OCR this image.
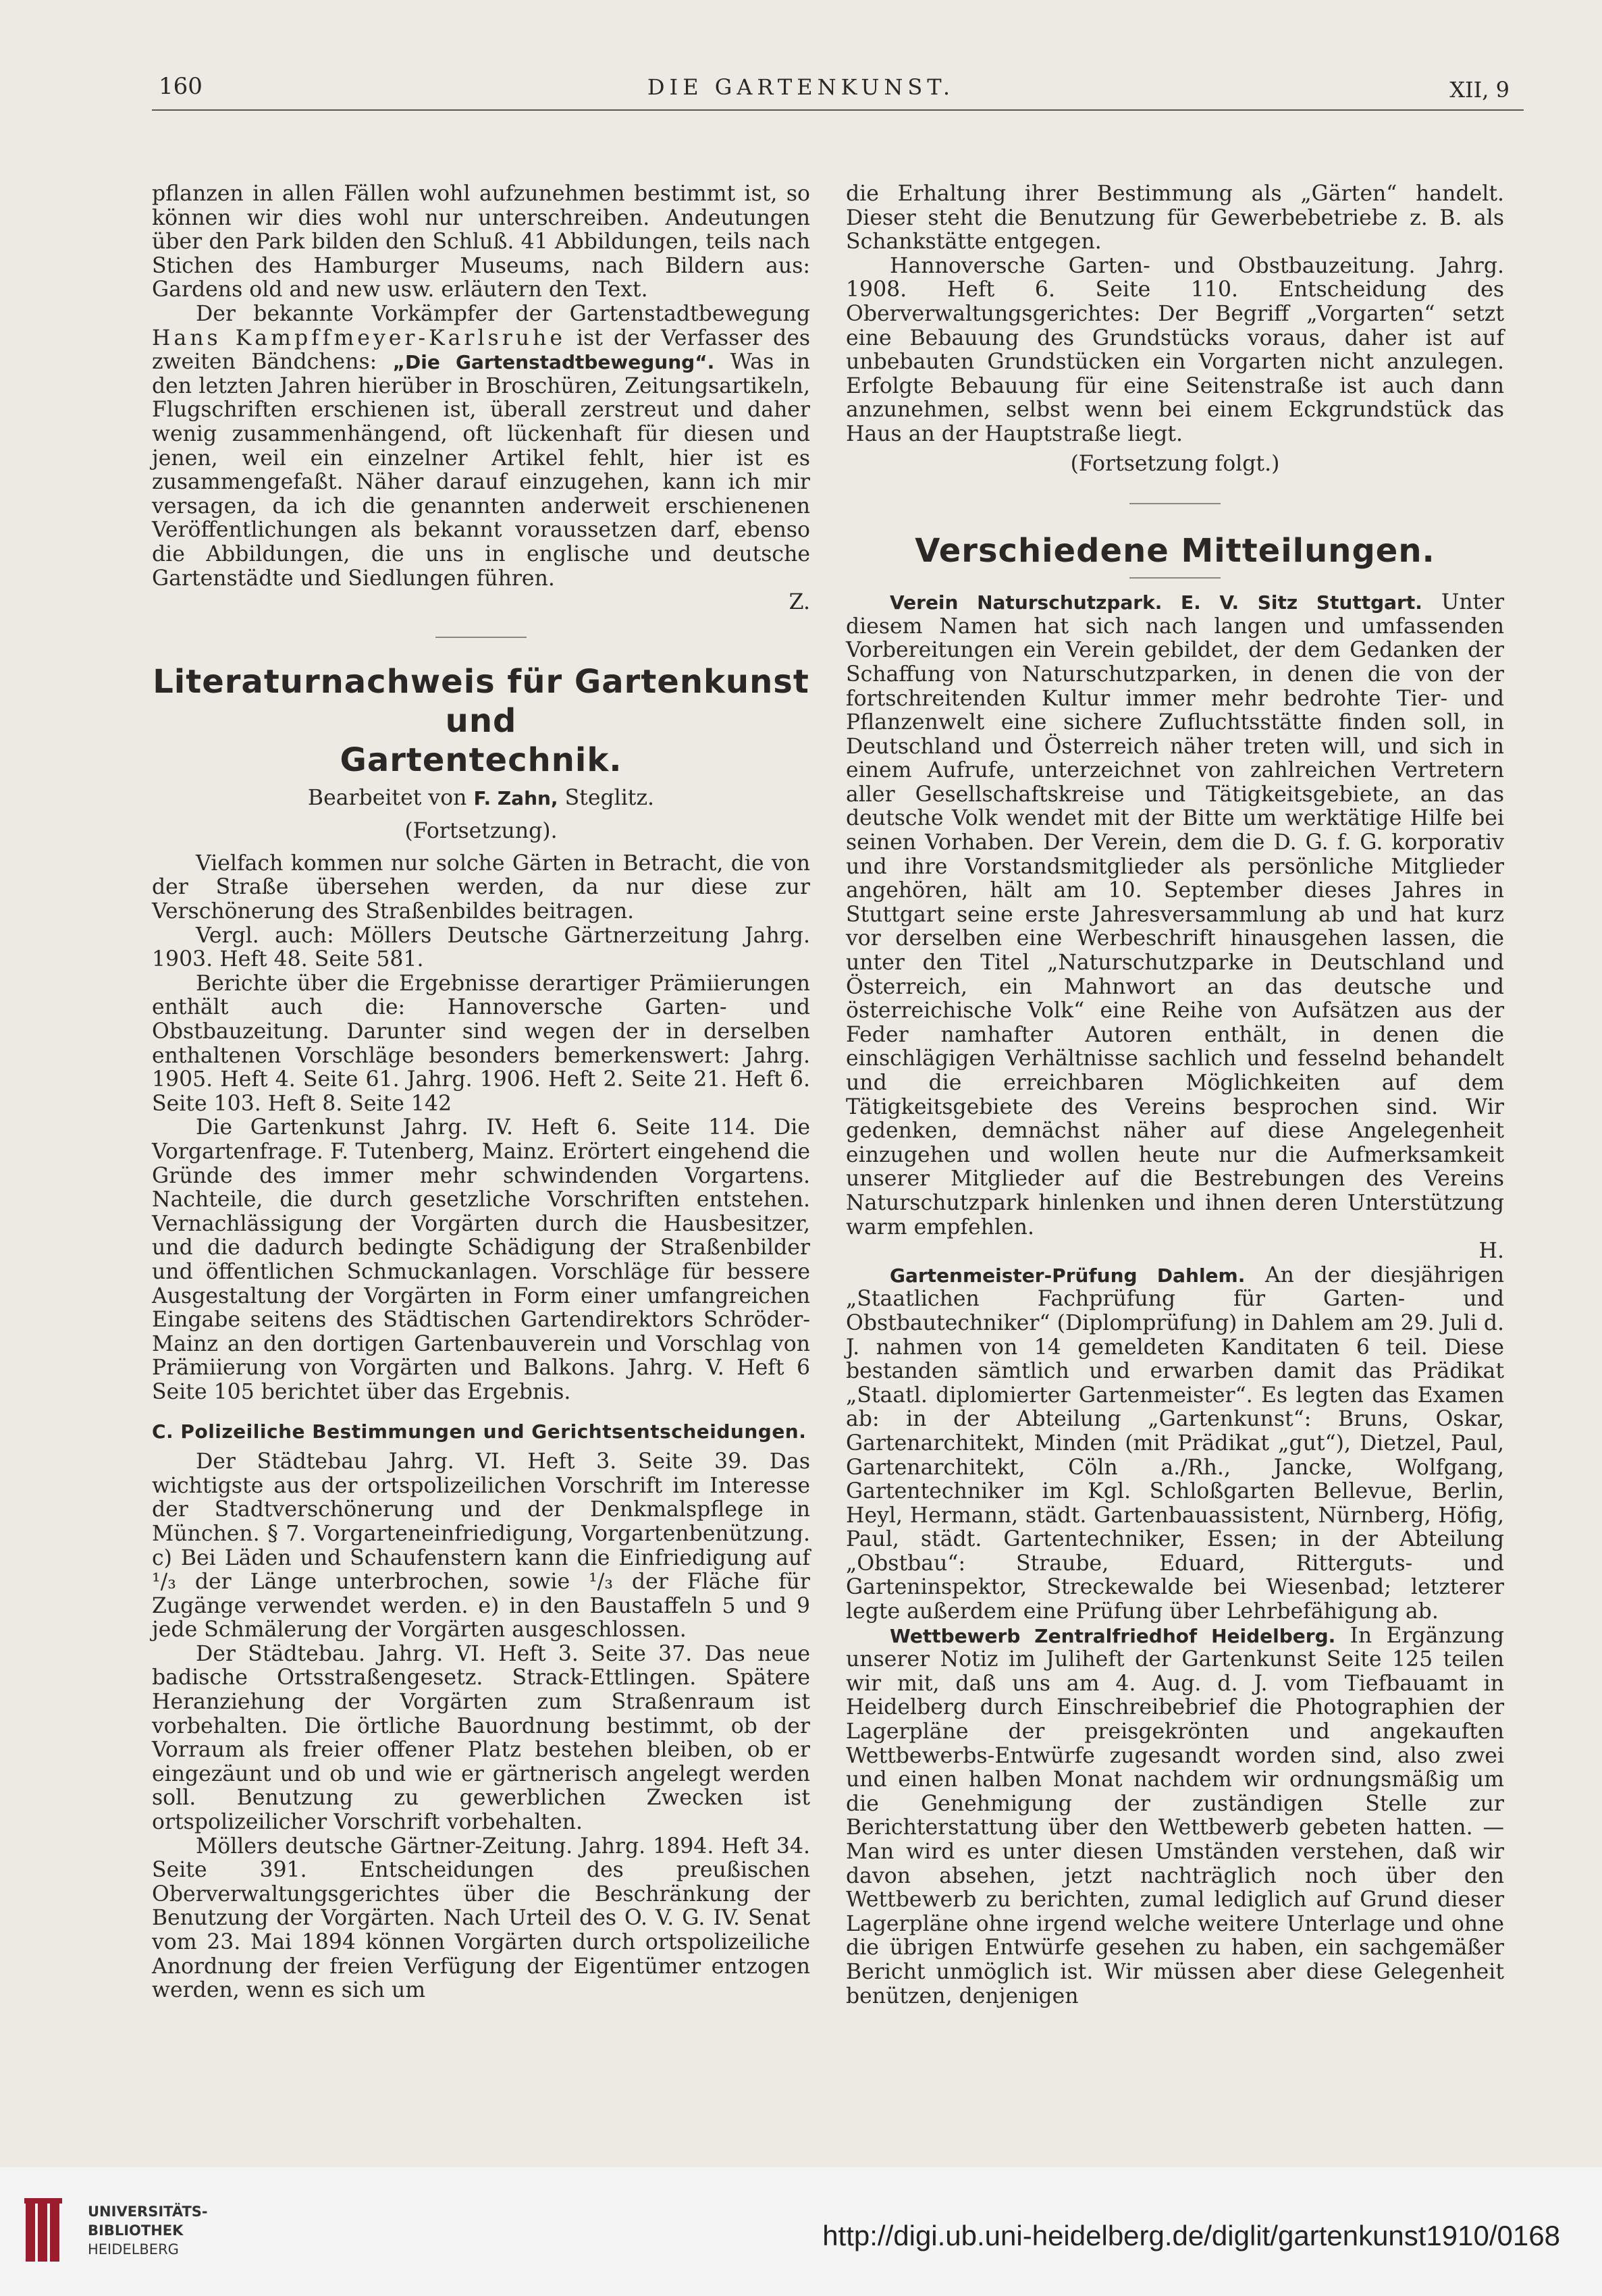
160	DIE GARTENKUNST.	XII, 9

pflanzen in allen Fällen wohl aufzunehmen bestimmt ist, so können wir dies wohl nur unterschreiben. Andeutungen über den Park bilden den Schluß. 41 Abbildungen, teils nach Stichen des Hamburger Museums, nach Bildern aus: Gardens old and new usw. erläutern den Text.

Der bekannte Vorkämpfer der Gartenstadtbewegung Hans Kampffmeyer-Karlsruhe ist der Verfasser des zweiten Bändchens: „Die Gartenstadtbewegung“. Was in den letzten Jahren hierüber in Broschüren, Zeitungsartikeln, Flugschriften erschienen ist, überall zerstreut und daher wenig zusammenhängend, oft lückenhaft für diesen und jenen, weil ein einzelner Artikel fehlt, hier ist es zusammengefaßt. Näher darauf einzugehen, kann ich mir versagen, da ich die genannten anderweit erschienenen Veröffentlichungen als bekannt voraussetzen darf, ebenso die Abbildungen, die uns in englische und deutsche Gartenstädte und Siedlungen führen.

Z.

Literaturnachweis für Gartenkunst und
Gartentechnik.

Bearbeitet von F. Zahn, Steglitz.

(Fortsetzung).

Vielfach kommen nur solche Gärten in Betracht, die von der Straße übersehen werden, da nur diese zur Verschönerung des Straßenbildes beitragen.

Vergl. auch: Möllers Deutsche Gärtnerzeitung Jahrg. 1903. Heft 48. Seite 581.

Berichte über die Ergebnisse derartiger Prämiierungen enthält auch die: Hannoversche Garten- und Obstbauzeitung. Darunter sind wegen der in derselben enthaltenen Vorschläge besonders bemerkenswert: Jahrg. 1905. Heft 4. Seite 61. Jahrg. 1906. Heft 2. Seite 21. Heft 6. Seite 103. Heft 8. Seite 142

Die Gartenkunst Jahrg. IV. Heft 6. Seite 114. Die Vorgartenfrage. F. Tutenberg, Mainz. Erörtert eingehend die Gründe des immer mehr schwindenden Vorgartens. Nachteile, die durch gesetzliche Vorschriften entstehen. Vernachlässigung der Vorgärten durch die Hausbesitzer, und die dadurch bedingte Schädigung der Straßenbilder und öffentlichen Schmuckanlagen. Vorschläge für bessere Ausgestaltung der Vorgärten in Form einer umfangreichen Eingabe seitens des Städtischen Gartendirektors Schröder-Mainz an den dortigen Gartenbauverein und Vorschlag von Prämiierung von Vorgärten und Balkons. Jahrg. V. Heft 6 Seite 105 berichtet über das Ergebnis.

C. Polizeiliche Bestimmungen und Gerichtsentscheidungen.

Der Städtebau Jahrg. VI. Heft 3. Seite 39. Das wichtigste aus der ortspolizeilichen Vorschrift im Interesse der Stadtverschönerung und der Denkmalspflege in München. § 7. Vorgarteneinfriedigung, Vorgartenbenützung. c) Bei Läden und Schaufenstern kann die Einfriedigung auf ¹/₃ der Länge unterbrochen, sowie ¹/₃ der Fläche für Zugänge verwendet werden. e) in den Baustaffeln 5 und 9 jede Schmälerung der Vorgärten ausgeschlossen.

Der Städtebau. Jahrg. VI. Heft 3. Seite 37. Das neue badische Ortsstraßengesetz. Strack-Ettlingen. Spätere Heranziehung der Vorgärten zum Straßenraum ist vorbehalten. Die örtliche Bauordnung bestimmt, ob der Vorraum als freier offener Platz bestehen bleiben, ob er eingezäunt und ob und wie er gärtnerisch angelegt werden soll. Benutzung zu gewerblichen Zwecken ist ortspolizeilicher Vorschrift vorbehalten.

Möllers deutsche Gärtner-Zeitung. Jahrg. 1894. Heft 34. Seite 391. Entscheidungen des preußischen Oberverwaltungsgerichtes über die Beschränkung der Benutzung der Vorgärten. Nach Urteil des O. V. G. IV. Senat vom 23. Mai 1894 können Vorgärten durch ortspolizeiliche Anordnung der freien Verfügung der Eigentümer entzogen werden, wenn es sich um

die Erhaltung ihrer Bestimmung als „Gärten“ handelt. Dieser steht die Benutzung für Gewerbebetriebe z. B. als Schankstätte entgegen.

Hannoversche Garten- und Obstbauzeitung. Jahrg. 1908. Heft 6. Seite 110. Entscheidung des Oberverwaltungsgerichtes: Der Begriff „Vorgarten“ setzt eine Bebauung des Grundstücks voraus, daher ist auf unbebauten Grundstücken ein Vorgarten nicht anzulegen. Erfolgte Bebauung für eine Seitenstraße ist auch dann anzunehmen, selbst wenn bei einem Eckgrundstück das Haus an der Hauptstraße liegt.

(Fortsetzung folgt.)

Verschiedene Mitteilungen.

Verein Naturschutzpark. E. V. Sitz Stuttgart. Unter diesem Namen hat sich nach langen und umfassenden Vorbereitungen ein Verein gebildet, der dem Gedanken der Schaffung von Naturschutzparken, in denen die von der fortschreitenden Kultur immer mehr bedrohte Tier- und Pflanzenwelt eine sichere Zufluchtsstätte finden soll, in Deutschland und Österreich näher treten will, und sich in einem Aufrufe, unterzeichnet von zahlreichen Vertretern aller Gesellschaftskreise und Tätigkeitsgebiete, an das deutsche Volk wendet mit der Bitte um werktätige Hilfe bei seinen Vorhaben. Der Verein, dem die D. G. f. G. korporativ und ihre Vorstandsmitglieder als persönliche Mitglieder angehören, hält am 10. September dieses Jahres in Stuttgart seine erste Jahresversammlung ab und hat kurz vor derselben eine Werbeschrift hinausgehen lassen, die unter den Titel „Naturschutzparke in Deutschland und Österreich, ein Mahnwort an das deutsche und österreichische Volk“ eine Reihe von Aufsätzen aus der Feder namhafter Autoren enthält, in denen die einschlägigen Verhältnisse sachlich und fesselnd behandelt und die erreichbaren Möglichkeiten auf dem Tätigkeitsgebiete des Vereins besprochen sind. Wir gedenken, demnächst näher auf diese Angelegenheit einzugehen und wollen heute nur die Aufmerksamkeit unserer Mitglieder auf die Bestrebungen des Vereins Naturschutzpark hinlenken und ihnen deren Unterstützung warm empfehlen.

H.

Gartenmeister-Prüfung Dahlem. An der diesjährigen „Staatlichen Fachprüfung für Garten- und Obstbautechniker“ (Diplomprüfung) in Dahlem am 29. Juli d. J. nahmen von 14 gemeldeten Kanditaten 6 teil. Diese bestanden sämtlich und erwarben damit das Prädikat „Staatl. diplomierter Gartenmeister“. Es legten das Examen ab: in der Abteilung „Gartenkunst“: Bruns, Oskar, Gartenarchitekt, Minden (mit Prädikat „gut“), Dietzel, Paul, Gartenarchitekt, Cöln a./Rh., Jancke, Wolfgang, Gartentechniker im Kgl. Schloßgarten Bellevue, Berlin, Heyl, Hermann, städt. Gartenbauassistent, Nürnberg, Höfig, Paul, städt. Gartentechniker, Essen; in der Abteilung „Obstbau“: Straube, Eduard, Ritterguts- und Garteninspektor, Streckewalde bei Wiesenbad; letzterer legte außerdem eine Prüfung über Lehrbefähigung ab.

Wettbewerb Zentralfriedhof Heidelberg. In Ergänzung unserer Notiz im Juliheft der Gartenkunst Seite 125 teilen wir mit, daß uns am 4. Aug. d. J. vom Tiefbauamt in Heidelberg durch Einschreibebrief die Photographien der Lagerpläne der preisgekrönten und angekauften Wettbewerbs-Entwürfe zugesandt worden sind, also zwei und einen halben Monat nachdem wir ordnungsmäßig um die Genehmigung der zuständigen Stelle zur Berichterstattung über den Wettbewerb gebeten hatten. — Man wird es unter diesen Umständen verstehen, daß wir davon absehen, jetzt nachträglich noch über den Wettbewerb zu berichten, zumal lediglich auf Grund dieser Lagerpläne ohne irgend welche weitere Unterlage und ohne die übrigen Entwürfe gesehen zu haben, ein sachgemäßer Bericht unmöglich ist. Wir müssen aber diese Gelegenheit benützen, denjenigen

UNIVERSITÄTS-
BIBLIOTHEK
HEIDELBERG	http://digi.ub.uni-heidelberg.de/diglit/gartenkunst1910/0168
